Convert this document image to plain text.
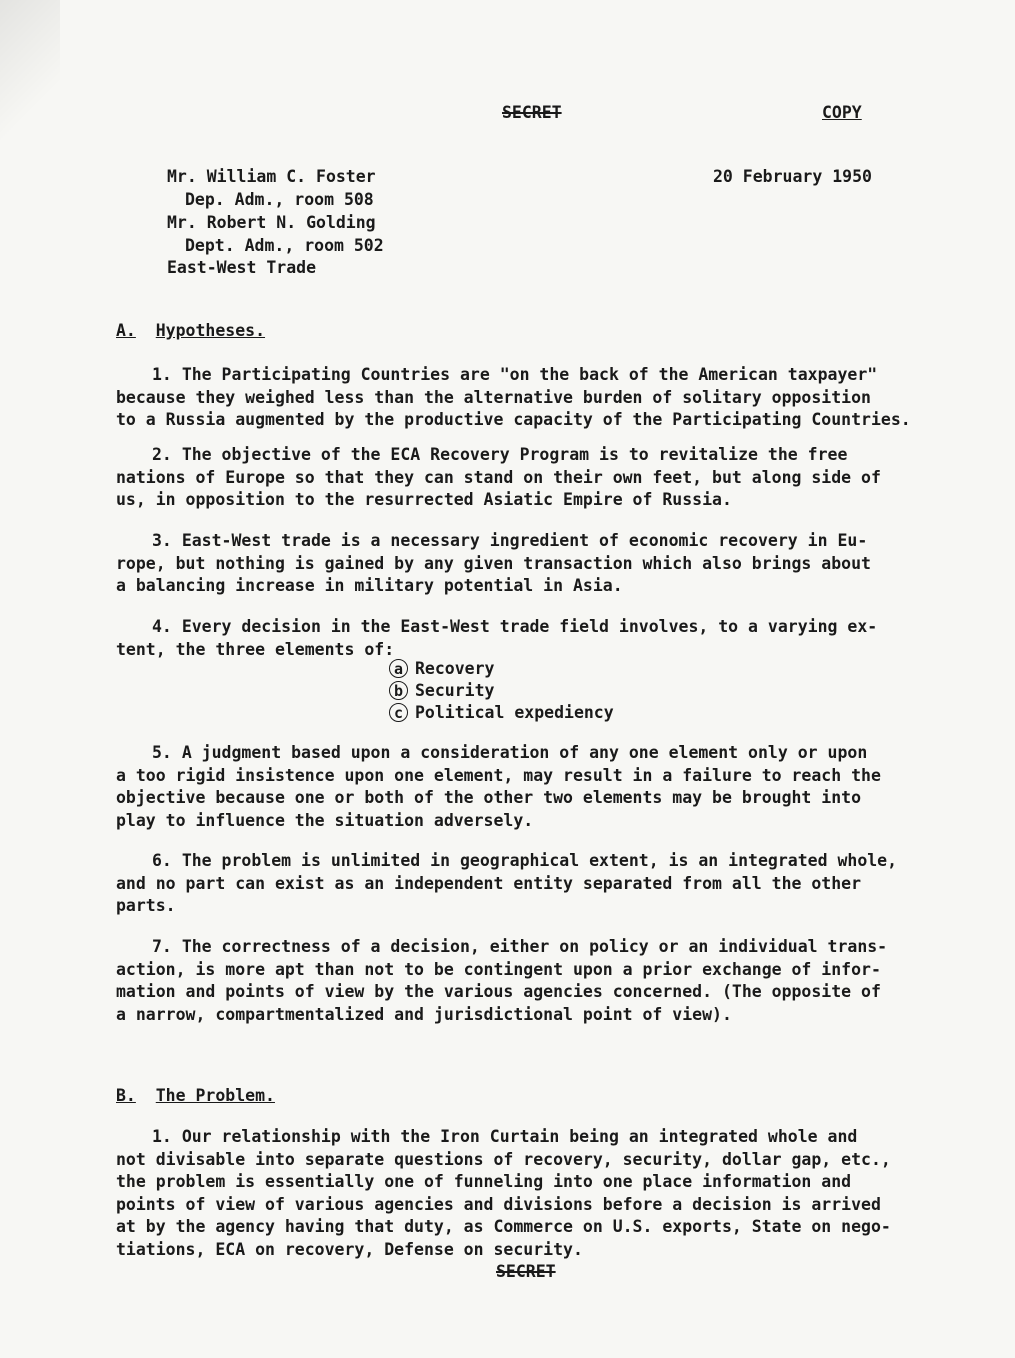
SECRET	COPY
Mr. William C. Foster	20 February 1950
Dep. Adm., room 508
Mr. Robert N. Golding
Dept. Adm., room 502
East-West Trade
A. Hypotheses.
1. The Participating Countries are "on the back of the American taxpayer"
because they weighed less than the alternative burden of solitary opposition
to a Russia augmented by the productive capacity of the Participating Countries.
2. The objective of the ECA Recovery Program is to revitalize the free
nations of Europe so that they can stand on their own feet, but along side of
us, in opposition to the resurrected Asiatic Empire of Russia.
3. East-West trade is a necessary ingredient of economic recovery in Eu-
rope, but nothing is gained by any given transaction which also brings about
a balancing increase in military potential in Asia.
4. Every decision in the East-West trade field involves, to a varying ex-
tent, the three elements of:
a Recovery
b Security
c Political expediency
5. A judgment based upon a consideration of any one element only or upon
a too rigid insistence upon one element, may result in a failure to reach the
objective because one or both of the other two elements may be brought into
play to influence the situation adversely.
6. The problem is unlimited in geographical extent, is an integrated whole,
and no part can exist as an independent entity separated from all the other
parts.
7. The correctness of a decision, either on policy or an individual trans-
action, is more apt than not to be contingent upon a prior exchange of infor-
mation and points of view by the various agencies concerned. (The opposite of
a narrow, compartmentalized and jurisdictional point of view).
B. The Problem.
1. Our relationship with the Iron Curtain being an integrated whole and
not divisable into separate questions of recovery, security, dollar gap, etc.,
the problem is essentially one of funneling into one place information and
points of view of various agencies and divisions before a decision is arrived
at by the agency having that duty, as Commerce on U.S. exports, State on nego-
tiations, ECA on recovery, Defense on security.
SECRET
